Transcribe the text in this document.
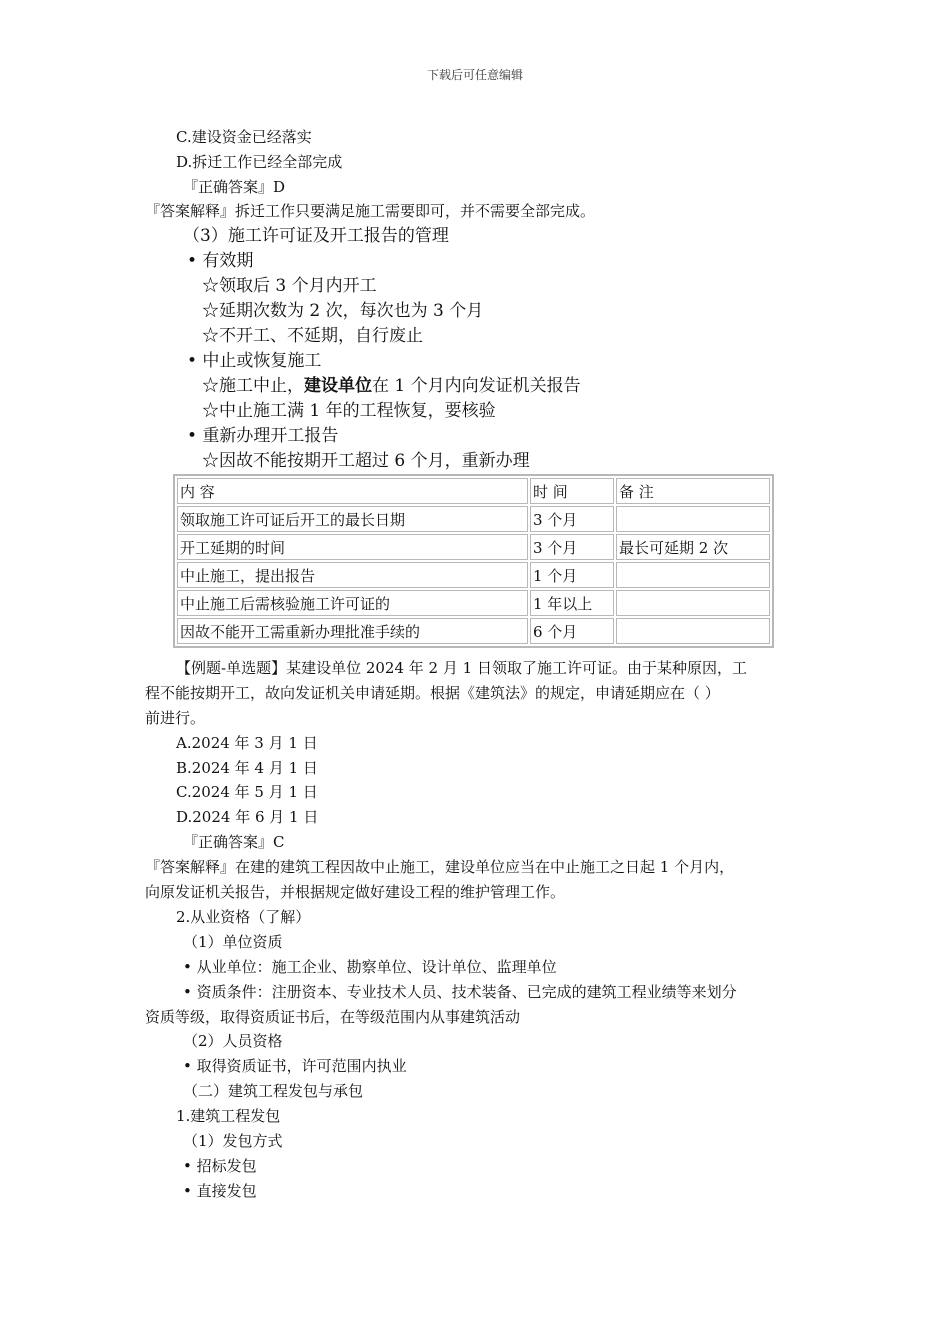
下载后可任意编辑
C.建设资金已经落实
D.拆迁工作已经全部完成
『正确答案』D
『答案解释』拆迁工作只要满足施工需要即可，并不需要全部完成。
（3）施工许可证及开工报告的管理
• 有效期
☆领取后 3 个月内开工
☆延期次数为 2 次，每次也为 3 个月
☆不开工、不延期，自行废止
• 中止或恢复施工
☆施工中止，建设单位在 1 个月内向发证机关报告
☆中止施工满 1 年的工程恢复，要核验
• 重新办理开工报告
☆因故不能按期开工超过 6 个月，重新办理
内 容	时 间	备 注
领取施工许可证后开工的最长日期	3 个月	
开工延期的时间	3 个月	最长可延期 2 次
中止施工，提出报告	1 个月	
中止施工后需核验施工许可证的	1 年以上	
因故不能开工需重新办理批准手续的	6 个月	
【例题-单选题】某建设单位 2024 年 2 月 1 日领取了施工许可证。由于某种原因，工
程不能按期开工，故向发证机关申请延期。根据《建筑法》的规定，申请延期应在（ ）
前进行。
A.2024 年 3 月 1 日
B.2024 年 4 月 1 日
C.2024 年 5 月 1 日
D.2024 年 6 月 1 日
『正确答案』C
『答案解释』在建的建筑工程因故中止施工，建设单位应当在中止施工之日起 1 个月内，
向原发证机关报告，并根据规定做好建设工程的维护管理工作。
2.从业资格（了解）
（1）单位资质
• 从业单位：施工企业、勘察单位、设计单位、监理单位
• 资质条件：注册资本、专业技术人员、技术装备、已完成的建筑工程业绩等来划分
资质等级，取得资质证书后，在等级范围内从事建筑活动
（2）人员资格
• 取得资质证书，许可范围内执业
（二）建筑工程发包与承包
1.建筑工程发包
（1）发包方式
• 招标发包
• 直接发包
